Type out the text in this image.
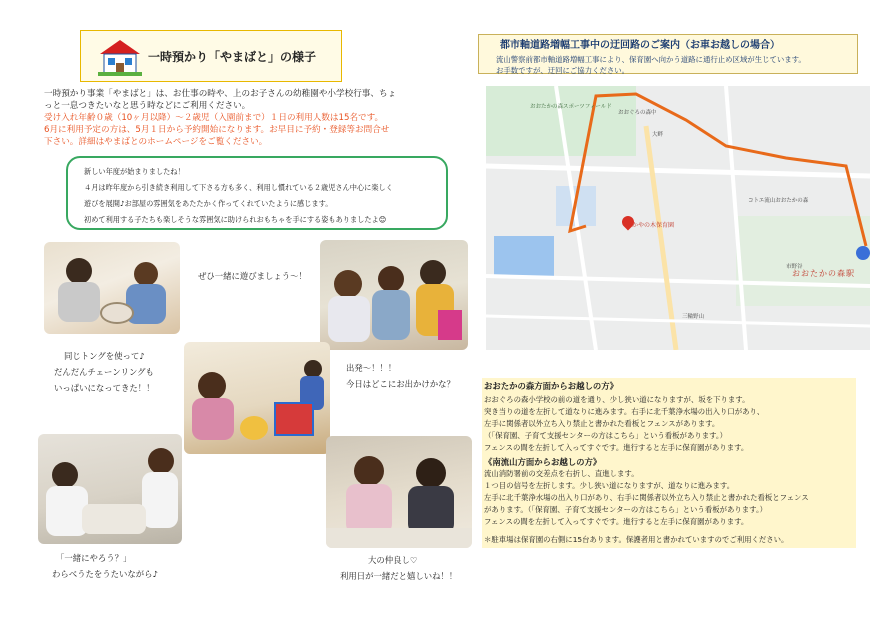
一時預かり「やまばと」の様子
一時預かり事業「やまばと」は、お仕事の時や、上のお子さんの幼稚園や小学校行事、ちょ
っと一息つきたいなと思う時などにご利用ください。
受け入れ年齢０歳（10ヶ月以降）〜２歳児（入園前まで）１日の利用人数は15名です。
6月に利用予定の方は、5月１日から予約開始になります。お早目に予約・登録等お問合せ
下さい。詳細はやまばとのホームページをご覧ください。
新しい年度が始まりましたね！
４月は昨年度から引き続き利用して下さる方も多く、利用し慣れている２歳児さん中心に楽しく
遊びを展開♪お部屋の雰囲気をあたたかく作ってくれていたように感じます。
初めて利用する子たちも楽しそうな雰囲気に助けられおもちゃを手にする姿もありましたよ😊
ぜひ一緒に遊びましょう〜！
同じトングを使って♪
だんだんチェーンリングも
いっぱいになってきた！！
出発〜！！！
今日はどこにお出かけかな？
「一緒にやろう？」
わらべうたをうたいながら♪
大の仲良し♡
利用日が一緒だと嬉しいね！！
都市軸道路増幅工事中の迂回路のご案内（お車お越しの場合）
流山警察前都市軸道路増幅工事により、保育園へ向かう道路に通行止め区域が生じています。
お手数ですが、迂回にご協力ください。
かやの木保育園
おおたかの森スポーツフィールド
おおぐろの森中
大畔
コトエ流山おおたかの森
市野谷
三輪野山
おおたかの森駅
おおたかの森方面からお越しの方》
おおぐろの森小学校の前の道を通り、少し狭い道になりますが、坂を下ります。
突き当りの道を左折して道なりに進みます。右手に北千葉浄水場の出入り口があり、
左手に関係者以外立ち入り禁止と書かれた看板とフェンスがあります。
（「保育園、子育て支援センターの方はこちら」という看板があります。）
フェンスの間を左折して入ってすぐです。進行すると左手に保育園があります。
《南流山方面からお越しの方》
流山消防署前の交差点を右折し、直進します。
１つ目の信号を左折します。少し狭い道になりますが、道なりに進みます。
左手に北千葉浄水場の出入り口があり、右手に関係者以外立ち入り禁止と書かれた看板とフェンス
があります。（「保育園、子育て支援センターの方はこちら」という看板があります。）
フェンスの間を左折して入ってすぐです。進行すると左手に保育園があります。
＊駐車場は保育園の右側に15台あります。保護者用と書かれていますのでご利用ください。
